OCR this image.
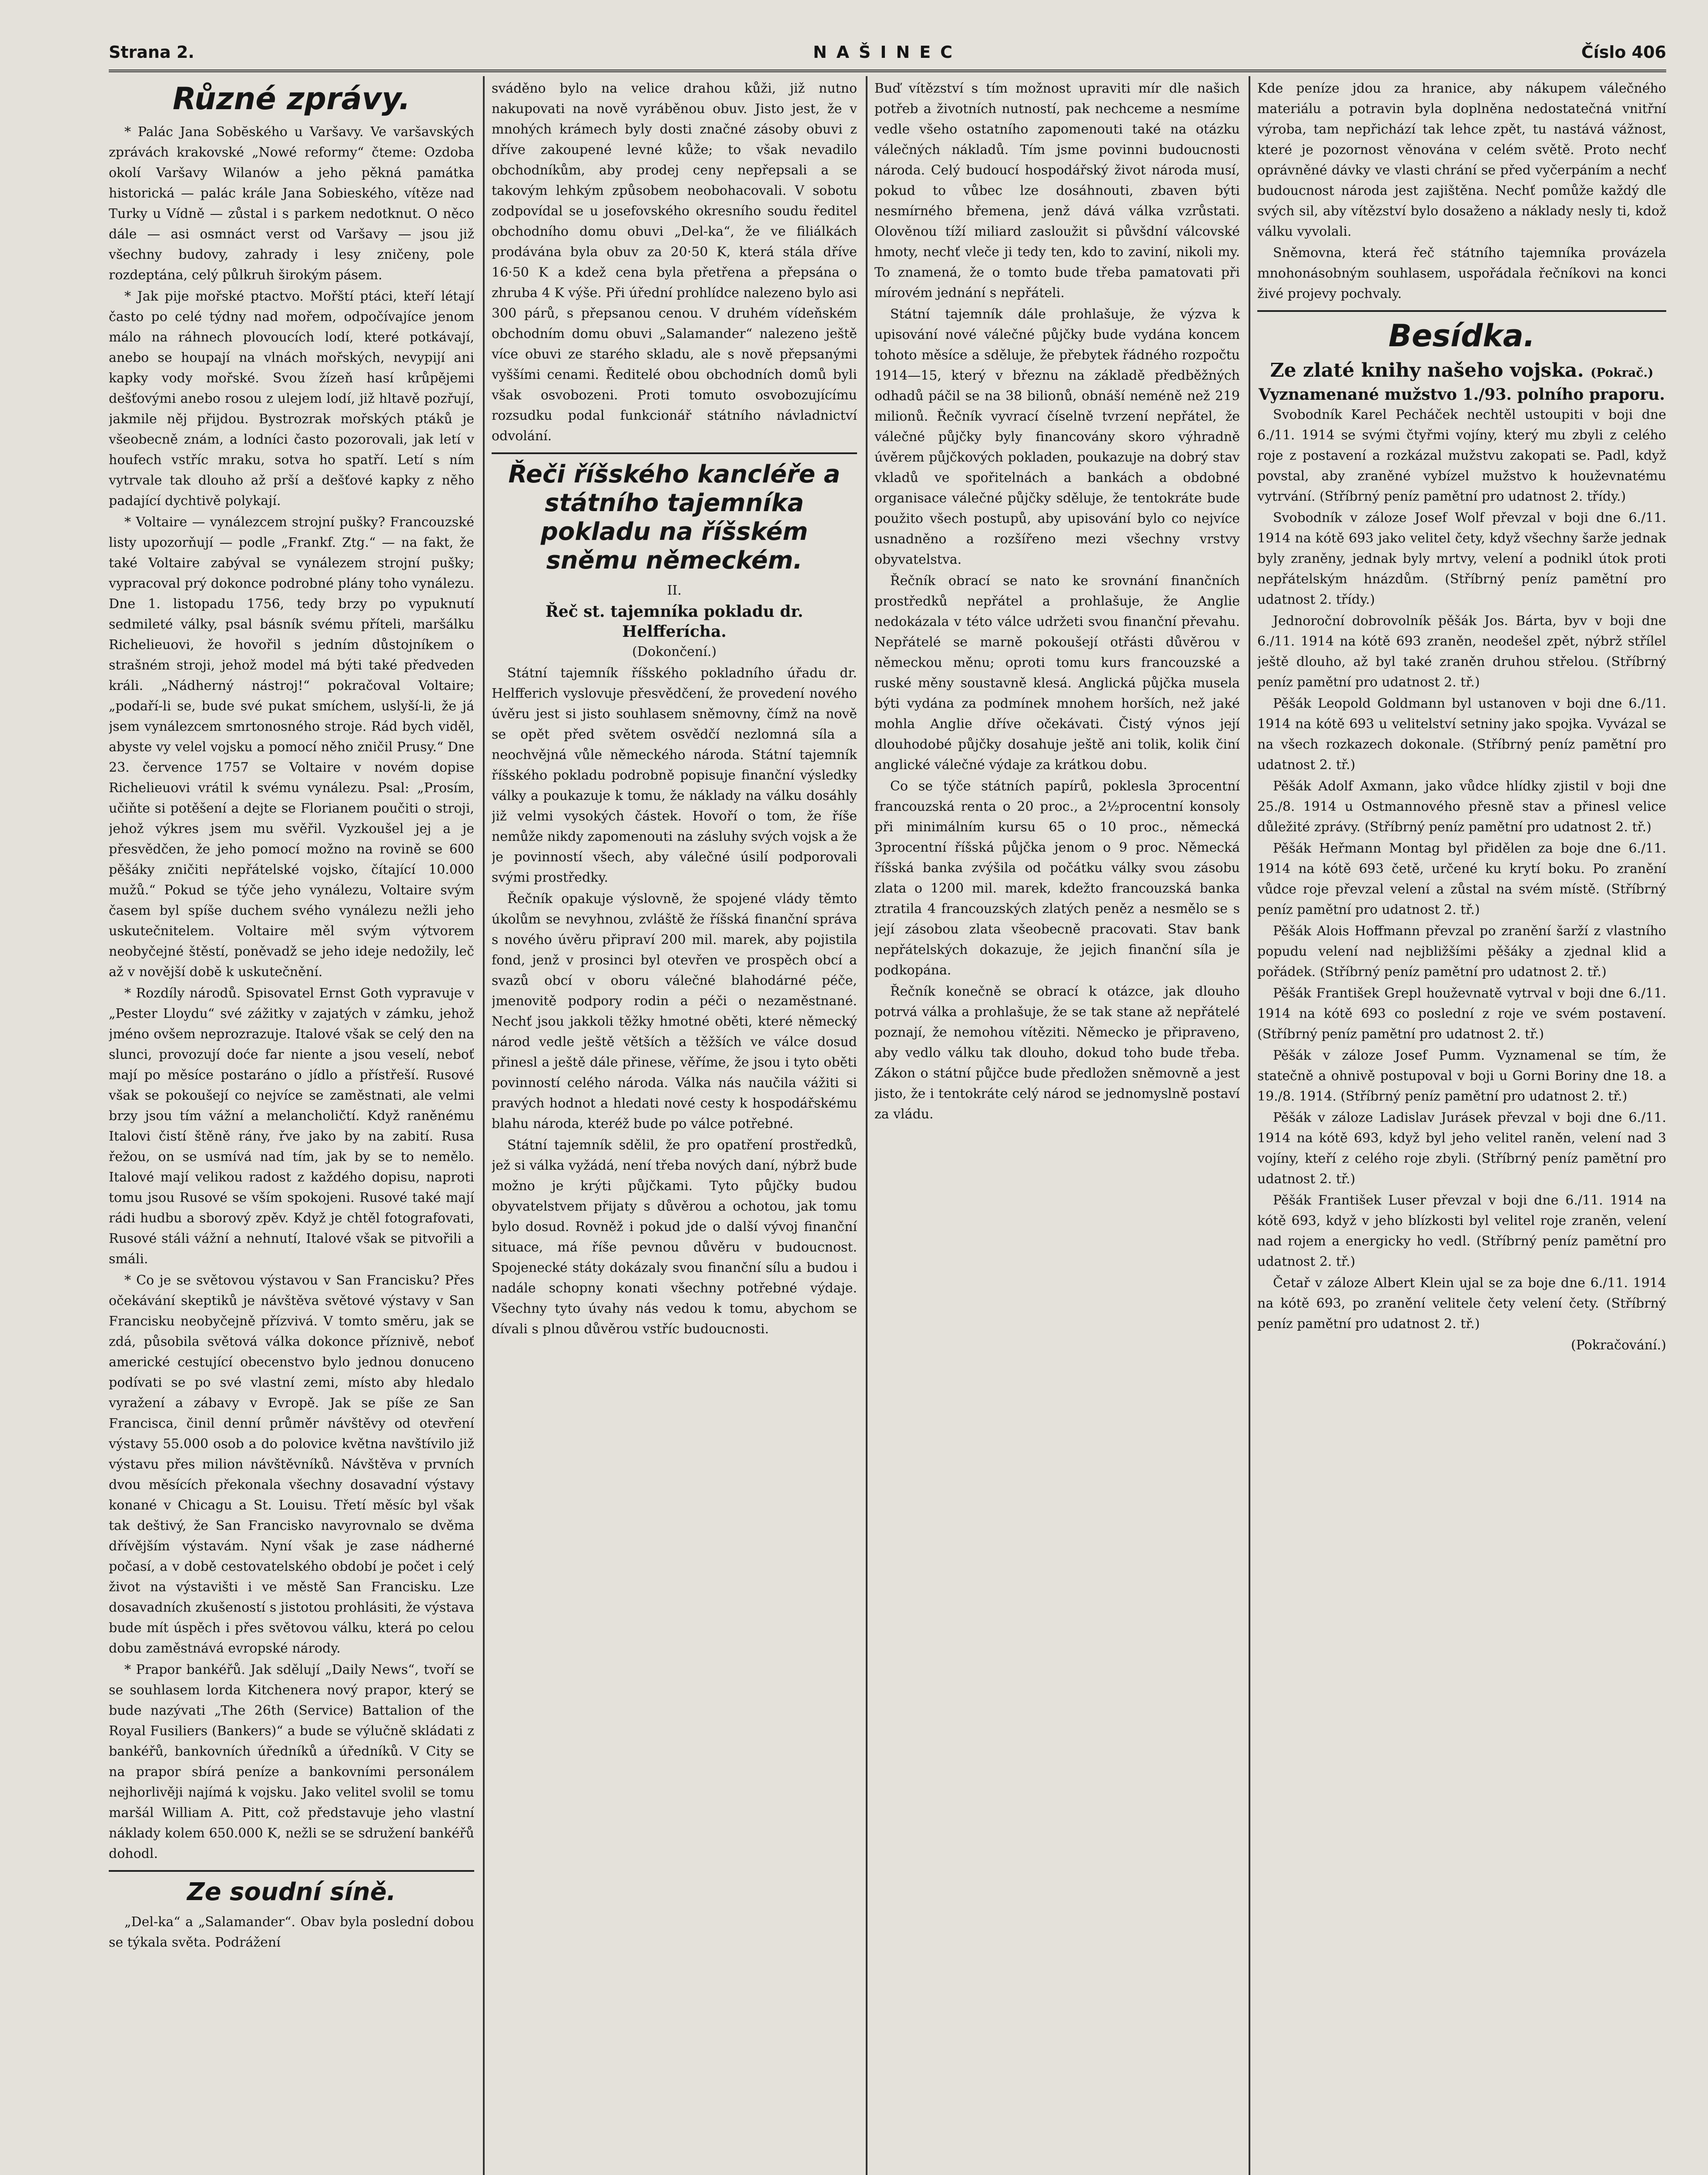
Strana 2.	NAŠINEC	Číslo 406
Různé zprávy.

* Palác Jana Sobĕského u Varšavy. Ve varšavských zprávách krakovské „Nowé reformy“ čteme: Ozdoba okolí Varšavy Wilanów a jeho pěkná památka historická — palác krále Jana Sobieského, vítěze nad Turky u Vídně — zůstal i s parkem nedotknut. O něco dále — asi osmnáct verst od Varšavy — jsou již všechny budovy, zahrady i lesy zničeny, pole rozdeptána, celý půlkruh širokým pásem.

* Jak pije mořské ptactvo. Mořští ptáci, kteří létají často po celé týdny nad mořem, odpočívajíce jenom málo na ráhnech plovoucích lodí, které potkávají, anebo se houpají na vlnách mořských, nevypijí ani kapky vody mořské. Svou žízeň hasí krůpějemi dešťovými anebo rosou z ulejem lodí, již hltavě pozřují, jakmile něj přijdou. Bystrozrak mořských ptáků je všeobecně znám, a lodníci často pozorovali, jak letí v houfech vstříc mraku, sotva ho spatří. Letí s ním vytrvale tak dlouho až prší a dešťové kapky z něho padající dychtivě polykají.

* Voltaire — vynálezcem strojní pušky? Francouzské listy upozorňují — podle „Frankf. Ztg.“ — na fakt, že také Voltaire zabýval se vynálezem strojní pušky; vypracoval prý dokonce podrobné plány toho vynálezu. Dne 1. listopadu 1756, tedy brzy po vypuknutí sedmileté války, psal básník svému příteli, maršálku Richelieuovi, že hovořil s jedním důstojníkem o strašném stroji, jehož model má býti také předveden králi. „Nádherný nástroj!“ pokračoval Voltaire; „podaří-li se, bude své pukat smíchem, uslyší-li, že já jsem vynálezcem smrtonosného stroje. Rád bych viděl, abyste vy velel vojsku a pomocí něho zničil Prusy.“ Dne 23. července 1757 se Voltaire v novém dopise Richelieuovi vrátil k svému vynálezu. Psal: „Prosím, učiňte si potěšení a dejte se Florianem poučiti o stroji, jehož výkres jsem mu svěřil. Vyzkoušel jej a je přesvědčen, že jeho pomocí možno na rovině se 600 pěšáky zničiti nepřátelské vojsko, čítající 10.000 mužů.“ Pokud se týče jeho vynálezu, Voltaire svým časem byl spíše duchem svého vynálezu nežli jeho uskutečnitelem. Voltaire měl svým výtvorem neobyčejné štěstí, poněvadž se jeho ideje nedožily, leč až v novější době k uskutečnění.

* Rozdíly národů. Spisovatel Ernst Goth vypravuje v „Pester Lloydu“ své zážitky v zajatých v zámku, jehož jméno ovšem neprozrazuje. Italové však se celý den na slunci, provozují doće far niente a jsou veselí, neboť mají po měsíce postaráno o jídlo a přístřeší. Rusové však se pokoušejí co nejvíce se zaměstnati, ale velmi brzy jsou tím vážní a melancholičtí. Když raněnému Italovi čistí štěně rány, řve jako by na zabití. Rusa řežou, on se usmívá nad tím, jak by se to nemělo. Italové mají velikou radost z každého dopisu, naproti tomu jsou Rusové se vším spokojeni. Rusové také mají rádi hudbu a sborový zpěv. Když je chtěl fotografovati, Rusové stáli vážní a nehnutí, Italové však se pitvořili a smáli.

* Co je se světovou výstavou v San Francisku? Přes očekávání skeptiků je návštěva světové výstavy v San Francisku neobyčejně přízvivá. V tomto směru, jak se zdá, působila světová válka dokonce příznivě, neboť americké cestující obecenstvo bylo jednou donuceno podívati se po své vlastní zemi, místo aby hledalo vyražení a zábavy v Evropě. Jak se píše ze San Francisca, činil denní průměr návštěvy od otevření výstavy 55.000 osob a do polovice května navštívilo již výstavu přes milion návštěvníků. Návštěva v prvních dvou měsících překonala všechny dosavadní výstavy konané v Chicagu a St. Louisu. Třetí měsíc byl však tak deštivý, že San Francisko navyrovnalo se dvěma dřívějším výstavám. Nyní však je zase nádherné počasí, a v době cestovatelského období je počet i celý život na výstavišti i ve městě San Francisku. Lze dosavadních zkušeností s jistotou prohlásiti, že výstava bude mít úspěch i přes světovou válku, která po celou dobu zaměstnává evropské národy.

* Prapor bankéřů. Jak sdělují „Daily News“, tvoří se se souhlasem lorda Kitchenera nový prapor, který se bude nazývati „The 26th (Service) Battalion of the Royal Fusiliers (Bankers)“ a bude se výlučně skládati z bankéřů, bankovních úředníků a úředníků. V City se na prapor sbírá peníze a bankovními personálem nejhorlivěji najímá k vojsku. Jako velitel svolil se tomu maršál William A. Pitt, což představuje jeho vlastní náklady kolem 650.000 K, nežli se se sdružení bankéřů dohodl.

Ze soudní síně.

„Del-ka“ a „Salamander“. Obav byla poslední dobou se týkala světa. Podrážení

sváděno bylo na velice drahou kůži, již nutno nakupovati na nově vyráběnou obuv. Jisto jest, že v mnohých krámech byly dosti značné zásoby obuvi z dříve zakoupené levné kůže; to však nevadilo obchodníkům, aby prodej ceny nepřepsali a se takovým lehkým způsobem neobohacovali. V sobotu zodpovídal se u josefovského okresního soudu ředitel obchodního domu obuvi „Del-ka“, že ve filiálkách prodávána byla obuv za 20·50 K, která stála dříve 16·50 K a kdež cena byla přetřena a přepsána o zhruba 4 K výše. Při úřední prohlídce nalezeno bylo asi 300 párů, s přepsanou cenou. V druhém vídeňském obchodním domu obuvi „Salamander“ nalezeno ještě více obuvi ze starého skladu, ale s nově přepsanými vyššími cenami. Ředitelé obou obchodních domů byli však osvobozeni. Proti tomuto osvobozujícímu rozsudku podal funkcionář státního návladnictví odvolání.

Řeči říšského kancléře a státního tajemníka pokladu na říšském sněmu německém.

II.

Řeč st. tajemníka pokladu dr. Helfferícha.

(Dokončení.)

Státní tajemník říšského pokladního úřadu dr. Helfferich vyslovuje přesvědčení, že provedení nového úvěru jest si jisto souhlasem sněmovny, čímž na nově se opět před světem osvědčí nezlomná síla a neochvějná vůle německého národa. Státní tajemník říšského pokladu podrobně popisuje finanční výsledky války a poukazuje k tomu, že náklady na válku dosáhly již velmi vysokých částek. Hovoří o tom, že říše nemůže nikdy zapomenouti na zásluhy svých vojsk a že je povinností všech, aby válečné úsilí podporovali svými prostředky.

Řečník opakuje výslovně, že spojené vlády těmto úkolům se nevyhnou, zvláště že říšská finanční správa s nového úvěru připraví 200 mil. marek, aby pojistila fond, jenž v prosinci byl otevřen ve prospěch obcí a svazů obcí v oboru válečné blahodárné péče, jmenovitě podpory rodin a péči o nezaměstnané. Nechť jsou jakkoli těžky hmotné oběti, které německý národ vedle ještě větších a těžších ve válce dosud přinesl a ještě dále přinese, věříme, že jsou i tyto oběti povinností celého národa. Válka nás naučila vážiti si pravých hodnot a hledati nové cesty k hospodářskému blahu národa, kteréž bude po válce potřebné.

Státní tajemník sdělil, že pro opatření prostředků, jež si válka vyžádá, není třeba nových daní, nýbrž bude možno je krýti půjčkami. Tyto půjčky budou obyvatelstvem přijaty s důvěrou a ochotou, jak tomu bylo dosud. Rovněž i pokud jde o další vývoj finanční situace, má říše pevnou důvěru v budoucnost. Spojenecké státy dokázaly svou finanční sílu a budou i nadále schopny konati všechny potřebné výdaje. Všechny tyto úvahy nás vedou k tomu, abychom se dívali s plnou důvěrou vstříc budoucnosti.

Buď vítězství s tím možnost upraviti mír dle našich potřeb a životních nutností, pak nechceme a nesmíme vedle všeho ostatního zapomenouti také na otázku válečných nákladů. Tím jsme povinni budoucnosti národa. Celý budoucí hospodářský život národa musí, pokud to vůbec lze dosáhnouti, zbaven býti nesmírného břemena, jenž dává válka vzrůstati. Olověnou tíží miliard zasloužit si půvšdní válcovské hmoty, nechť vleče ji tedy ten, kdo to zaviní, nikoli my. To znamená, že o tomto bude třeba pamatovati při mírovém jednání s nepřáteli.

Státní tajemník dále prohlašuje, že výzva k upisování nové válečné půjčky bude vydána koncem tohoto měsíce a sděluje, že přebytek řádného rozpočtu 1914—15, který v březnu na základě předběžných odhadů páčil se na 38 bilionů, obnáší neméně než 219 milionů. Řečník vyvrací číselně tvrzení nepřátel, že válečné půjčky byly financovány skoro výhradně úvěrem půjčkových pokladen, poukazuje na dobrý stav vkladů ve spořitelnách a bankách a obdobné organisace válečné půjčky sděluje, že tentokráte bude použito všech postupů, aby upisování bylo co nejvíce usnadněno a rozšířeno mezi všechny vrstvy obyvatelstva.

Řečník obrací se nato ke srovnání finančních prostředků nepřátel a prohlašuje, že Anglie nedokázala v této válce udržeti svou finanční převahu. Nepřátelé se marně pokoušejí otřásti důvěrou v německou měnu; oproti tomu kurs francouzské a ruské měny soustavně klesá. Anglická půjčka musela býti vydána za podmínek mnohem horších, než jaké mohla Anglie dříve očekávati. Čistý výnos její dlouhodobé půjčky dosahuje ještě ani tolik, kolik činí anglické válečné výdaje za krátkou dobu.

Co se týče státních papírů, poklesla 3procentní francouzská renta o 20 proc., a 2½procentní konsoly při minimálním kursu 65 o 10 proc., německá 3procentní říšská půjčka jenom o 9 proc. Německá říšská banka zvýšila od počátku války svou zásobu zlata o 1200 mil. marek, kdežto francouzská banka ztratila 4 francouzských zlatých peněz a nesmělo se s její zásobou zlata všeobecně pracovati. Stav bank nepřátelských dokazuje, že jejich finanční síla je podkopána.

Řečník konečně se obrací k otázce, jak dlouho potrvá válka a prohlašuje, že se tak stane až nepřátelé poznají, že nemohou vítěziti. Německo je připraveno, aby vedlo válku tak dlouho, dokud toho bude třeba. Zákon o státní půjčce bude předložen sněmovně a jest jisto, že i tentokráte celý národ se jednomyslně postaví za vládu.

Kde peníze jdou za hranice, aby nákupem válečného materiálu a potravin byla doplněna nedostatečná vnitřní výroba, tam nepřichází tak lehce zpět, tu nastává vážnost, které je pozornost věnována v celém světě. Proto nechť oprávněné dávky ve vlasti chrání se před vyčerpáním a nechť budoucnost národa jest zajištěna. Nechť pomůže každý dle svých sil, aby vítězství bylo dosaženo a náklady nesly ti, kdož válku vyvolali.

Sněmovna, která řeč státního tajemníka provázela mnohonásobným souhlasem, uspořádala řečníkovi na konci živé projevy pochvaly.

Besídka.
Ze zlaté knihy našeho vojska. (Pokrač.)
Vyznamenané mužstvo 1./93. polního praporu.

Svobodník Karel Pecháček nechtěl ustoupiti v boji dne 6./11. 1914 se svými čtyřmi vojíny, který mu zbyli z celého roje z postavení a rozkázal mužstvu zakopati se. Padl, když povstal, aby zraněné vybízel mužstvo k houževnatému vytrvání. (Stříbrný peníz pamětní pro udatnost 2. třídy.)

Svobodník v záloze Josef Wolf převzal v boji dne 6./11. 1914 na kótě 693 jako velitel čety, když všechny šarže jednak byly zraněny, jednak byly mrtvy, velení a podnikl útok proti nepřátelským hnázdům. (Stříbrný peníz pamětní pro udatnost 2. třídy.)

Jednoroční dobrovolník pěšák Jos. Bárta, byv v boji dne 6./11. 1914 na kótě 693 zraněn, neodešel zpět, nýbrž střílel ještě dlouho, až byl také zraněn druhou střelou. (Stříbrný peníz pamětní pro udatnost 2. tř.)

Pěšák Leopold Goldmann byl ustanoven v boji dne 6./11. 1914 na kótě 693 u velitelství setniny jako spojka. Vyvázal se na všech rozkazech dokonale. (Stříbrný peníz pamětní pro udatnost 2. tř.)

Pěšák Adolf Axmann, jako vůdce hlídky zjistil v boji dne 25./8. 1914 u Ostmannového přesně stav a přinesl velice důležité zprávy. (Stříbrný peníz pamětní pro udatnost 2. tř.)

Pěšák Heřmann Montag byl přidělen za boje dne 6./11. 1914 na kótě 693 četě, určené ku krytí boku. Po zranění vůdce roje převzal velení a zůstal na svém místě. (Stříbrný peníz pamětní pro udatnost 2. tř.)

Pěšák Alois Hoffmann převzal po zranění šarží z vlastního popudu velení nad nejbližšími pěšáky a zjednal klid a pořádek. (Stříbrný peníz pamětní pro udatnost 2. tř.)

Pěšák František Grepl houževnatě vytrval v boji dne 6./11. 1914 na kótě 693 co poslední z roje ve svém postavení. (Stříbrný peníz pamětní pro udatnost 2. tř.)

Pěšák v záloze Josef Pumm. Vyznamenal se tím, že statečně a ohnivě postupoval v boji u Gorni Boriny dne 18. a 19./8. 1914. (Stříbrný peníz pamětní pro udatnost 2. tř.)

Pěšák v záloze Ladislav Jurásek převzal v boji dne 6./11. 1914 na kótě 693, když byl jeho velitel raněn, velení nad 3 vojíny, kteří z celého roje zbyli. (Stříbrný peníz pamětní pro udatnost 2. tř.)

Pěšák František Luser převzal v boji dne 6./11. 1914 na kótě 693, když v jeho blízkosti byl velitel roje zraněn, velení nad rojem a energicky ho vedl. (Stříbrný peníz pamětní pro udatnost 2. tř.)

Četař v záloze Albert Klein ujal se za boje dne 6./11. 1914 na kótě 693, po zranění velitele čety velení čety. (Stříbrný peníz pamětní pro udatnost 2. tř.)

(Pokračování.)
